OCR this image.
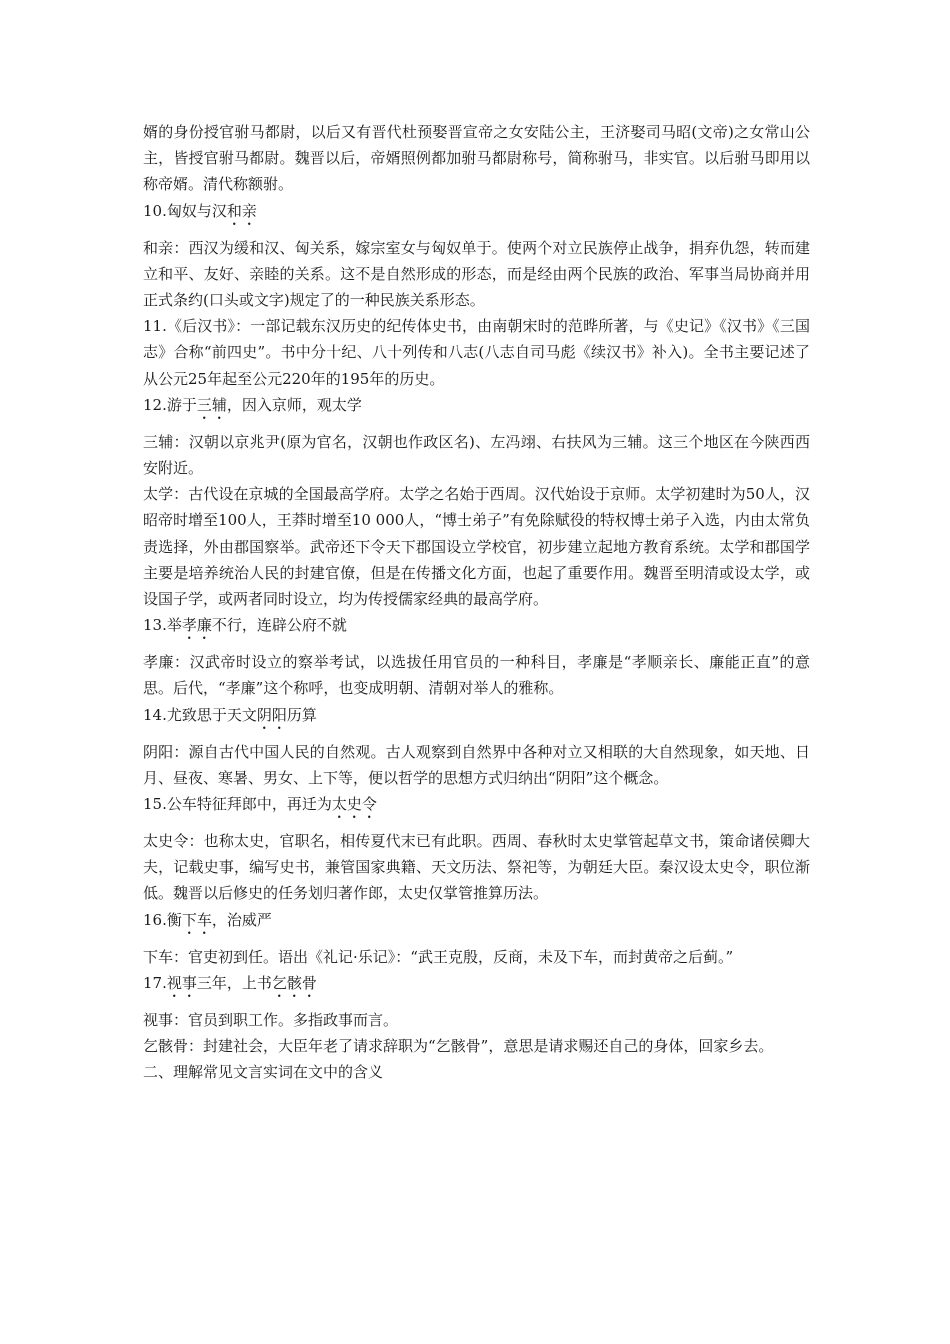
婿的身份授官驸马都尉，以后又有晋代杜预娶晋宣帝之女安陆公主，王济娶司马昭(文帝)之女常山公主，皆授官驸马都尉。魏晋以后，帝婿照例都加驸马都尉称号，简称驸马，非实官。以后驸马即用以称帝婿。清代称额驸。

10.匈奴与汉和亲

和亲：西汉为缓和汉、匈关系，嫁宗室女与匈奴单于。使两个对立民族停止战争，捐弃仇怨，转而建立和平、友好、亲睦的关系。这不是自然形成的形态，而是经由两个民族的政治、军事当局协商并用正式条约(口头或文字)规定了的一种民族关系形态。

11.《后汉书》：一部记载东汉历史的纪传体史书，由南朝宋时的范晔所著，与《史记》《汉书》《三国志》合称“前四史”。书中分十纪、八十列传和八志(八志自司马彪《续汉书》补入)。全书主要记述了从公元25年起至公元220年的195年的历史。

12.游于三辅，因入京师，观太学

三辅：汉朝以京兆尹(原为官名，汉朝也作政区名)、左冯翊、右扶风为三辅。这三个地区在今陕西西安附近。

太学：古代设在京城的全国最高学府。太学之名始于西周。汉代始设于京师。太学初建时为50人，汉昭帝时增至100人，王莽时增至10 000人，“博士弟子”有免除赋役的特权博士弟子入选，内由太常负责选择，外由郡国察举。武帝还下令天下郡国设立学校官，初步建立起地方教育系统。太学和郡国学主要是培养统治人民的封建官僚，但是在传播文化方面，也起了重要作用。魏晋至明清或设太学，或设国子学，或两者同时设立，均为传授儒家经典的最高学府。

13.举孝廉不行，连辟公府不就

孝廉：汉武帝时设立的察举考试，以选拔任用官员的一种科目，孝廉是“孝顺亲长、廉能正直”的意思。后代，“孝廉”这个称呼，也变成明朝、清朝对举人的雅称。

14.尤致思于天文阴阳历算

阴阳：源自古代中国人民的自然观。古人观察到自然界中各种对立又相联的大自然现象，如天地、日月、昼夜、寒暑、男女、上下等，便以哲学的思想方式归纳出“阴阳”这个概念。

15.公车特征拜郎中，再迁为太史令

太史令：也称太史，官职名，相传夏代末已有此职。西周、春秋时太史掌管起草文书，策命诸侯卿大夫，记载史事，编写史书，兼管国家典籍、天文历法、祭祀等，为朝廷大臣。秦汉设太史令，职位渐低。魏晋以后修史的任务划归著作郎，太史仅掌管推算历法。

16.衡下车，治威严

下车：官吏初到任。语出《礼记·乐记》：“武王克殷，反商，未及下车，而封黄帝之后蓟。”

17.视事三年，上书乞骸骨

视事：官员到职工作。多指政事而言。

乞骸骨：封建社会，大臣年老了请求辞职为“乞骸骨”，意思是请求赐还自己的身体，回家乡去。

二、理解常见文言实词在文中的含义
